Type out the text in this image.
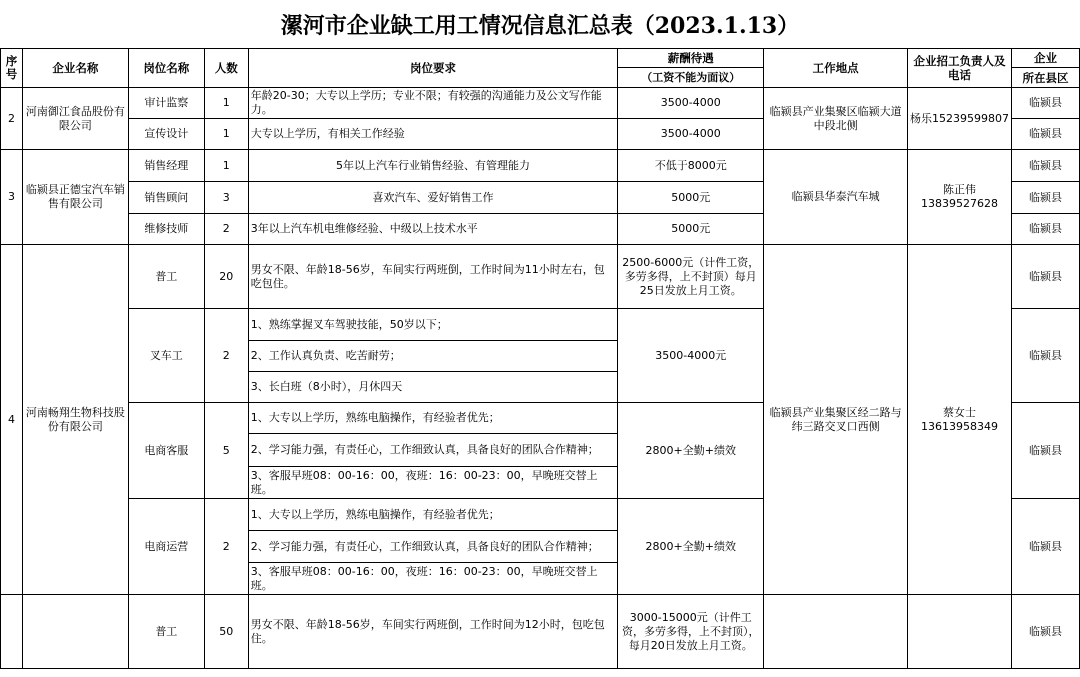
漯河市企业缺工用工情况信息汇总表（2023.1.13）
序号	企业名称	岗位名称	人数	岗位要求	薪酬待遇	工作地点	企业招工负责人及电话	企业
					（工资不能为面议）			所在县区
2	河南御江食品股份有限公司	审计监察	1	年龄20-30；大专以上学历；专业不限；有较强的沟通能力及公文写作能力。	3500-4000	临颍县产业集聚区临颍大道中段北侧	杨乐15239599807	临颍县
		宣传设计	1	大专以上学历，有相关工作经验	3500-4000			临颍县
3	临颍县正德宝汽车销售有限公司	销售经理	1	5年以上汽车行业销售经验、有管理能力	不低于8000元	临颍县华泰汽车城	陈正伟
13839527628	临颍县
		销售顾问	3	喜欢汽车、爱好销售工作	5000元			临颍县
		维修技师	2	3年以上汽车机电维修经验、中级以上技术水平	5000元			临颍县
4	河南畅翔生物科技股份有限公司	普工	20	男女不限、年龄18-56岁，车间实行两班倒，工作时间为11小时左右，包吃包住。	2500-6000元（计件工资，多劳多得，上不封顶）每月25日发放上月工资。	临颍县产业集聚区经二路与纬三路交叉口西侧	蔡女士
13613958349	临颍县
		叉车工	2	1、熟练掌握叉车驾驶技能，50岁以下；	3500-4000元			临颍县
				2、工作认真负责、吃苦耐劳；				
				3、长白班（8小时），月休四天				
		电商客服	5	1、大专以上学历，熟练电脑操作，有经验者优先；	2800+全勤+绩效			临颍县
				2、学习能力强，有责任心，工作细致认真，具备良好的团队合作精神；				
				3、客服早班08：00-16：00，夜班：16：00-23：00，早晚班交替上班。				
		电商运营	2	1、大专以上学历，熟练电脑操作，有经验者优先；	2800+全勤+绩效			临颍县
				2、学习能力强，有责任心，工作细致认真，具备良好的团队合作精神；				
				3、客服早班08：00-16：00，夜班：16：00-23：00，早晚班交替上班。				
		普工	50	男女不限、年龄18-56岁，车间实行两班倒，工作时间为12小时，包吃包住。	3000-15000元（计件工资，多劳多得，上不封顶），每月20日发放上月工资。			临颍县
